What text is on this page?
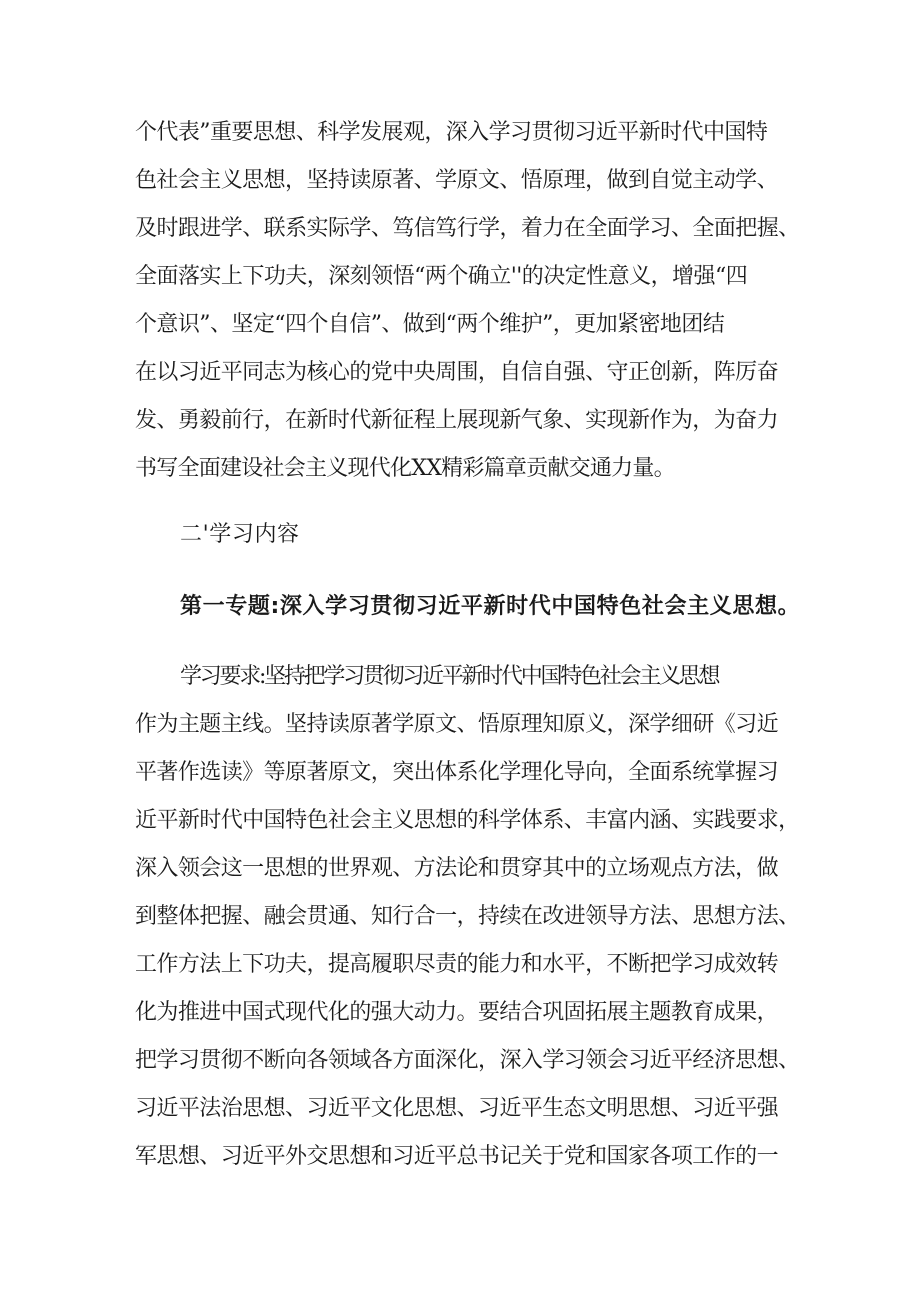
个代表”重要思想、科学发展观，深入学习贯彻习近平新时代中国特
色社会主义思想，坚持读原著、学原文、悟原理，做到自觉主动学、
及时跟进学、联系实际学、笃信笃行学，着力在全面学习、全面把握、
全面落实上下功夫，深刻领悟“两个确立''的决定性意义，增强“四
个意识”、坚定“四个自信”、做到“两个维护”，更加紧密地团结
在以习近平同志为核心的党中央周围，自信自强、守正创新，阵厉奋
发、勇毅前行，在新时代新征程上展现新气象、实现新作为，为奋力
书写全面建设社会主义现代化XX精彩篇章贡献交通力量。
二'学习内容
第一专题:深入学习贯彻习近平新时代中国特色社会主义思想。
学习要求:坚持把学习贯彻习近平新时代中国特色社会主义思想
作为主题主线。坚持读原著学原文、悟原理知原义，深学细研《习近
平著作选读》等原著原文，突出体系化学理化导向，全面系统掌握习
近平新时代中国特色社会主义思想的科学体系、丰富内涵、实践要求，
深入领会这一思想的世界观、方法论和贯穿其中的立场观点方法，做
到整体把握、融会贯通、知行合一，持续在改进领导方法、思想方法、
工作方法上下功夫，提高履职尽责的能力和水平，不断把学习成效转
化为推进中国式现代化的强大动力。要结合巩固拓展主题教育成果，
把学习贯彻不断向各领域各方面深化，深入学习领会习近平经济思想、
习近平法治思想、习近平文化思想、习近平生态文明思想、习近平强
军思想、习近平外交思想和习近平总书记关于党和国家各项工作的一
